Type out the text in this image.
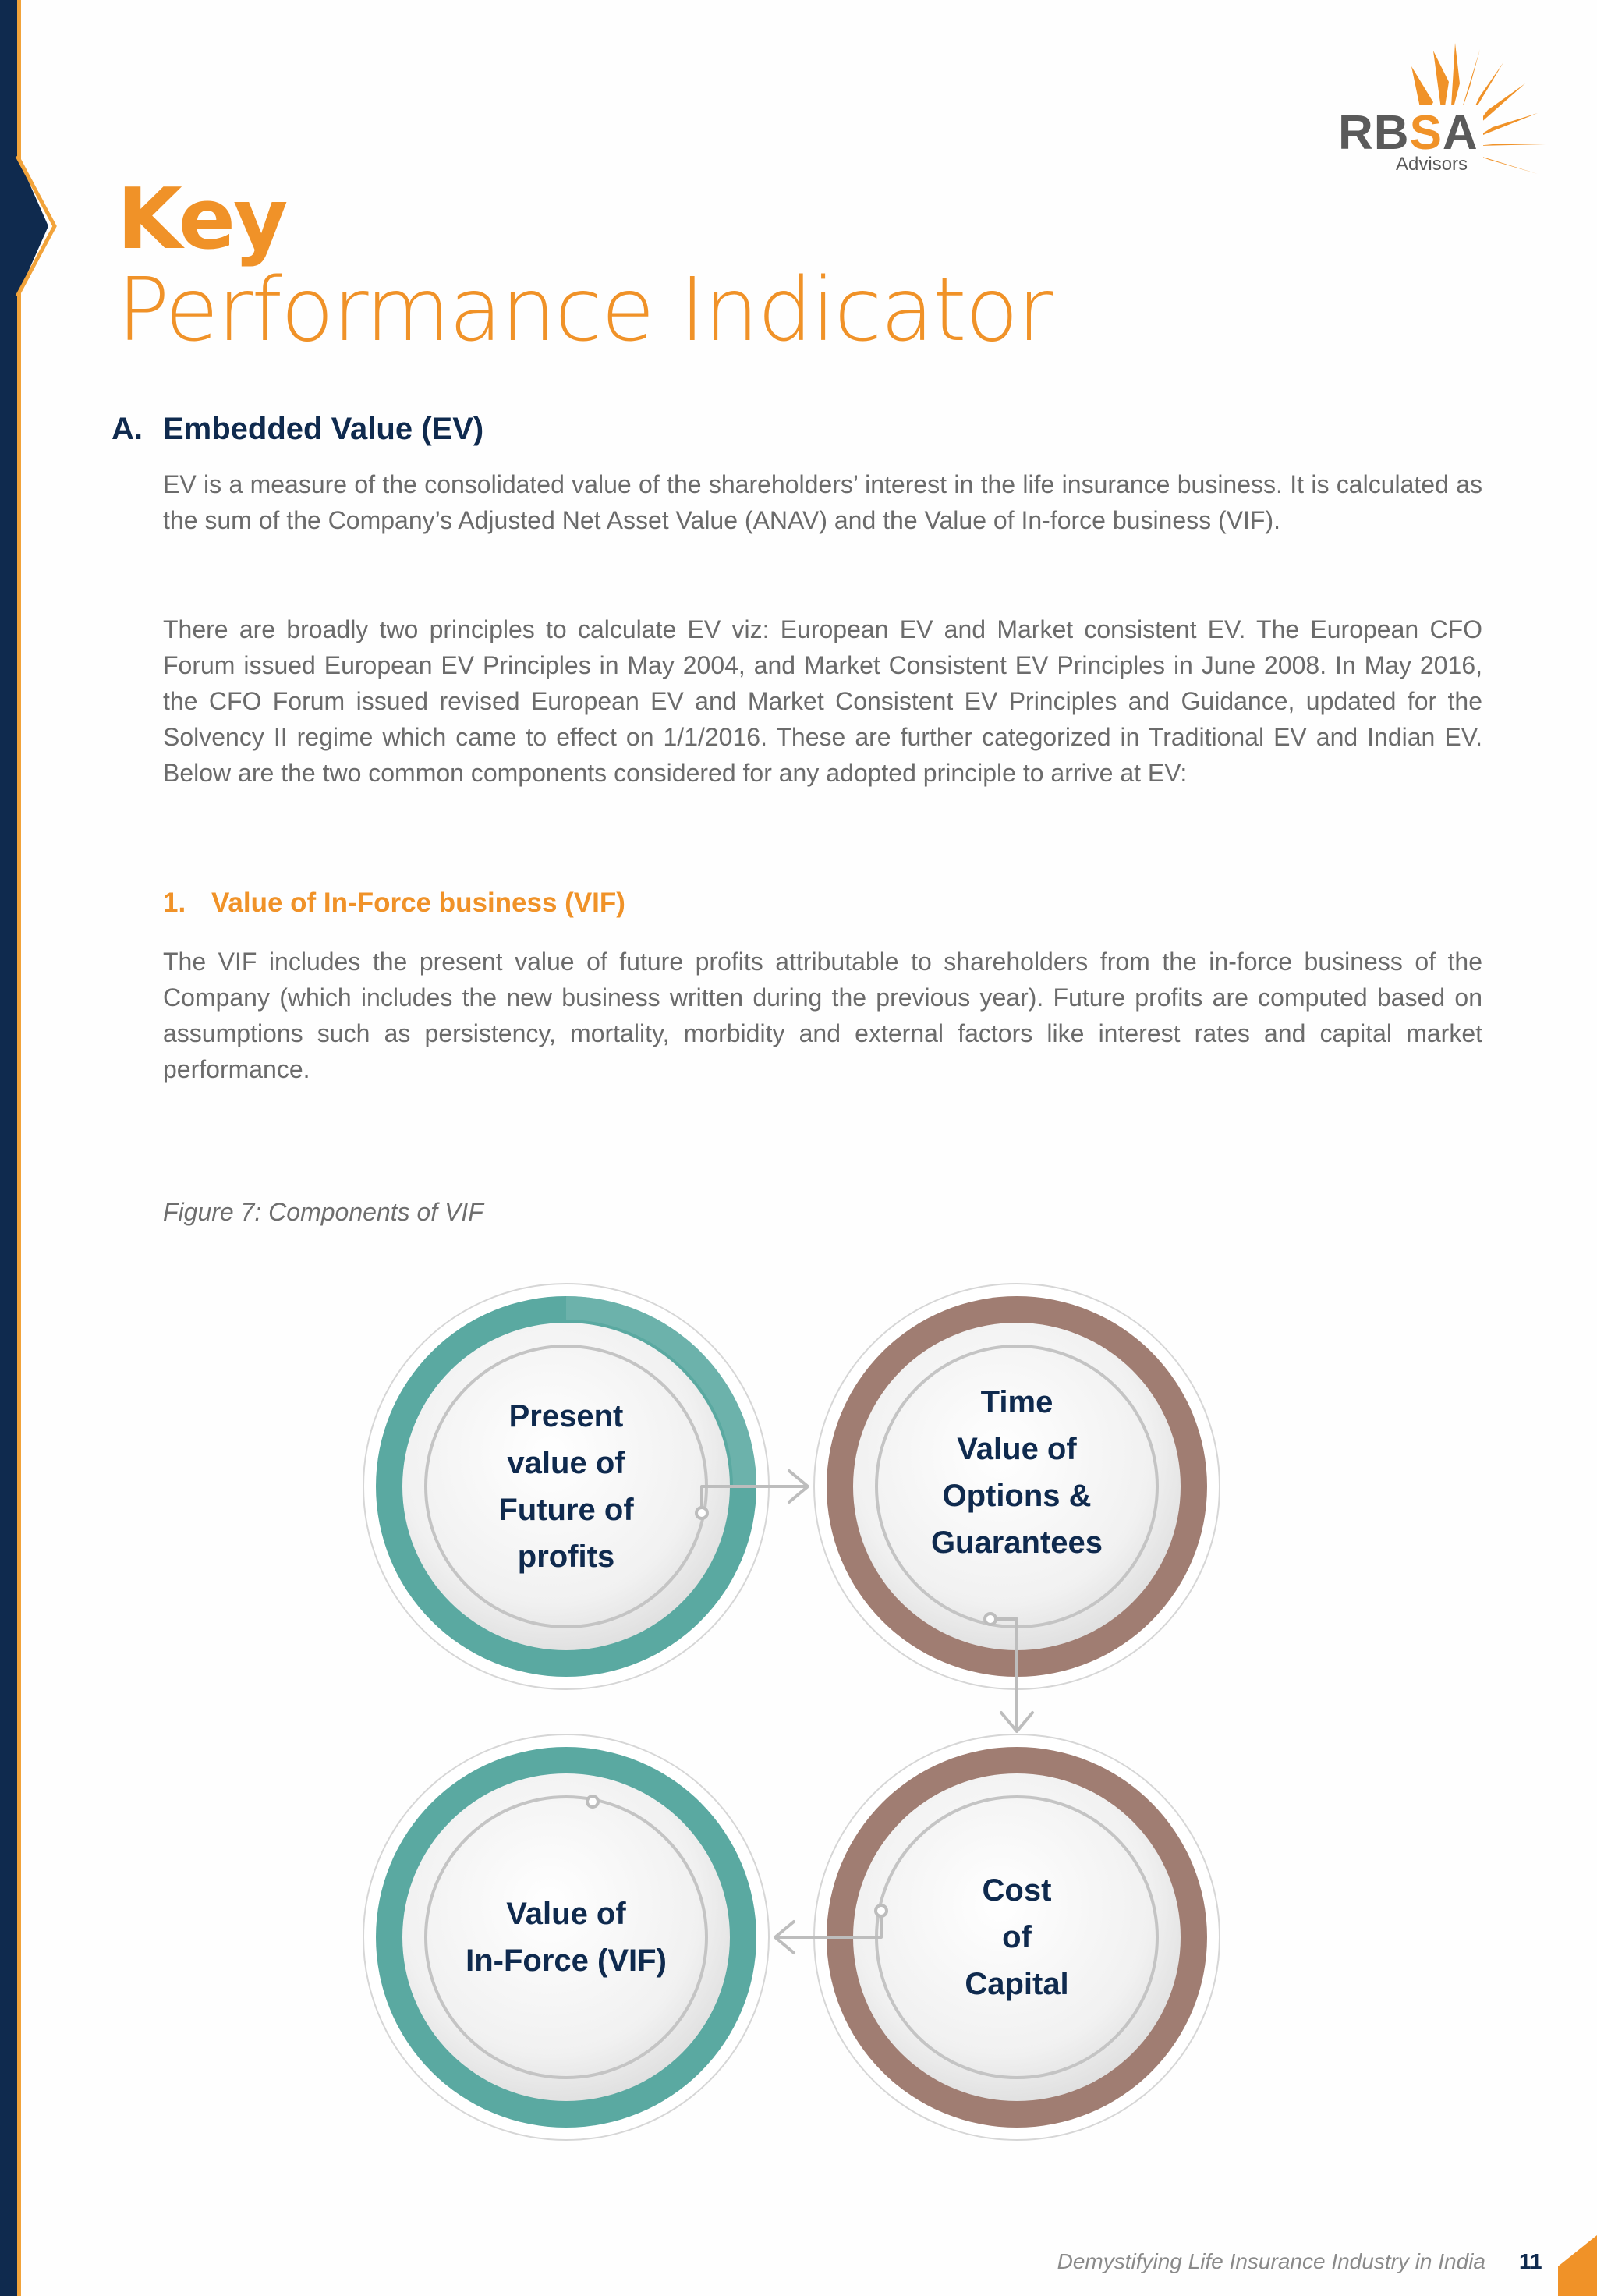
RBSA
Advisors
Key
Performance Indicator
A. Embedded Value (EV)

EV is a measure of the consolidated value of the shareholders’ interest in the life insurance business. It is calculated as the sum of the Company’s Adjusted Net Asset Value (ANAV) and the Value of In-force business (VIF).

There are broadly two principles to calculate EV viz: European EV and Market consistent EV. The European CFO Forum issued European EV Principles in May 2004, and Market Consistent EV Principles in June 2008. In May 2016, the CFO Forum issued revised European EV and Market Consistent EV Principles and Guidance, updated for the Solvency II regime which came to effect on 1/1/2016. These are further categorized in Traditional EV and Indian EV. Below are the two common components considered for any adopted principle to arrive at EV:

1. Value of In-Force business (VIF)

The VIF includes the present value of future profits attributable to shareholders from the in-force business of the Company (which includes the new business written during the previous year). Future profits are computed based on assumptions such as persistency, mortality, morbidity and external factors like interest rates and capital market performance.

Figure 7: Components of VIF
Present
value of
Future of
profits
Time
Value of
Options &
Guarantees
Value of
In-Force (VIF)
Cost
of
Capital
Demystifying Life Insurance Industry in India 11
